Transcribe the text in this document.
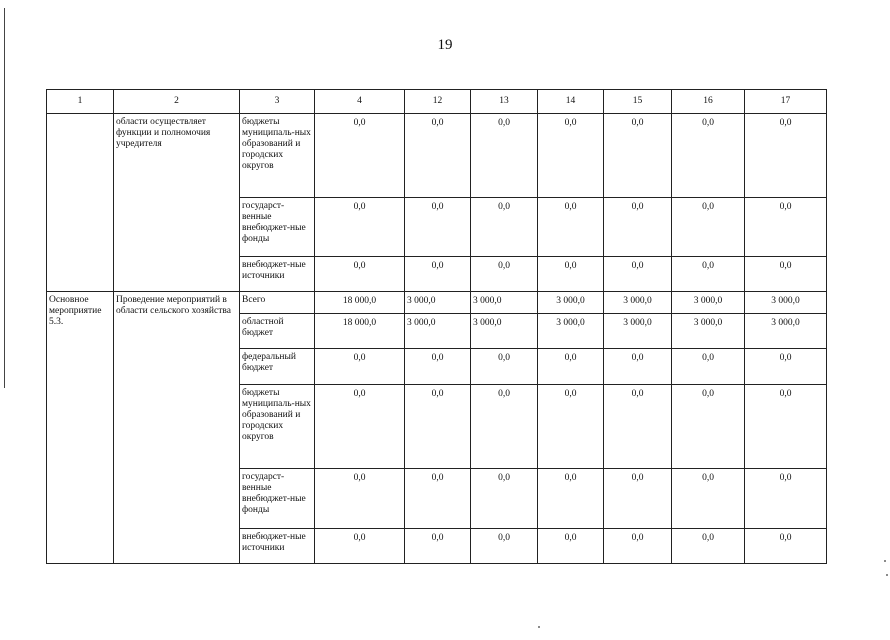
19
1	2	3	4	12	13	14	15	16	17
	области осуществляет функции и полномочия учредителя	бюджеты муниципаль-ных образований и городских округов	0,0	0,0	0,0	0,0	0,0	0,0	0,0
		государст-венные внебюджет-ные фонды	0,0	0,0	0,0	0,0	0,0	0,0	0,0
		внебюджет-ные источники	0,0	0,0	0,0	0,0	0,0	0,0	0,0
Основное мероприятие 5.3.	Проведение мероприятий в области сельского хозяйства	Всего	18 000,0	3 000,0	3 000,0	3 000,0	3 000,0	3 000,0	3 000,0
		областной бюджет	18 000,0	3 000,0	3 000,0	3 000,0	3 000,0	3 000,0	3 000,0
		федеральный бюджет	0,0	0,0	0,0	0,0	0,0	0,0	0,0
		бюджеты муниципаль-ных образований и городских округов	0,0	0,0	0,0	0,0	0,0	0,0	0,0
		государст-венные внебюджет-ные фонды	0,0	0,0	0,0	0,0	0,0	0,0	0,0
		внебюджет-ные источники	0,0	0,0	0,0	0,0	0,0	0,0	0,0
